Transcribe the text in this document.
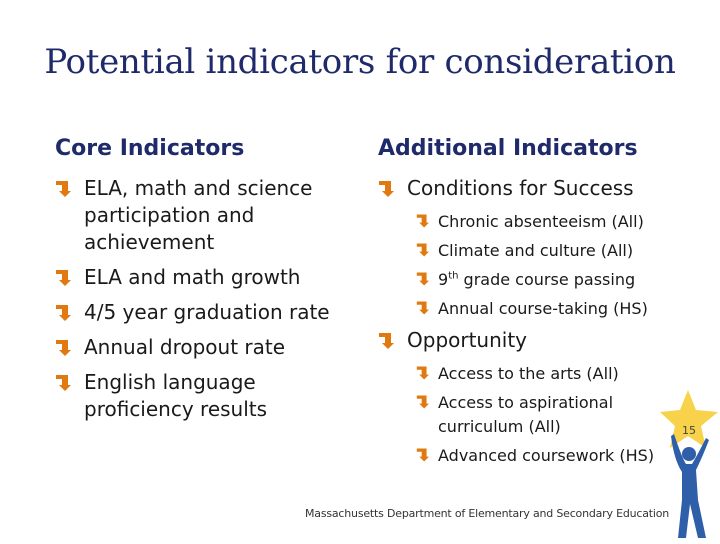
Potential indicators for consideration
Core Indicators
ELA, math and science participation and achievement
ELA and math growth
4/5 year graduation rate
Annual dropout rate
English language proficiency results
Additional Indicators
Conditions for Success
Chronic absenteeism (All)
Climate and culture (All)
9th grade course passing
Annual course-taking (HS)
Opportunity
Access to the arts (All)
Access to aspirational curriculum (All)
Advanced coursework (HS)
15
Massachusetts Department of Elementary and Secondary Education
